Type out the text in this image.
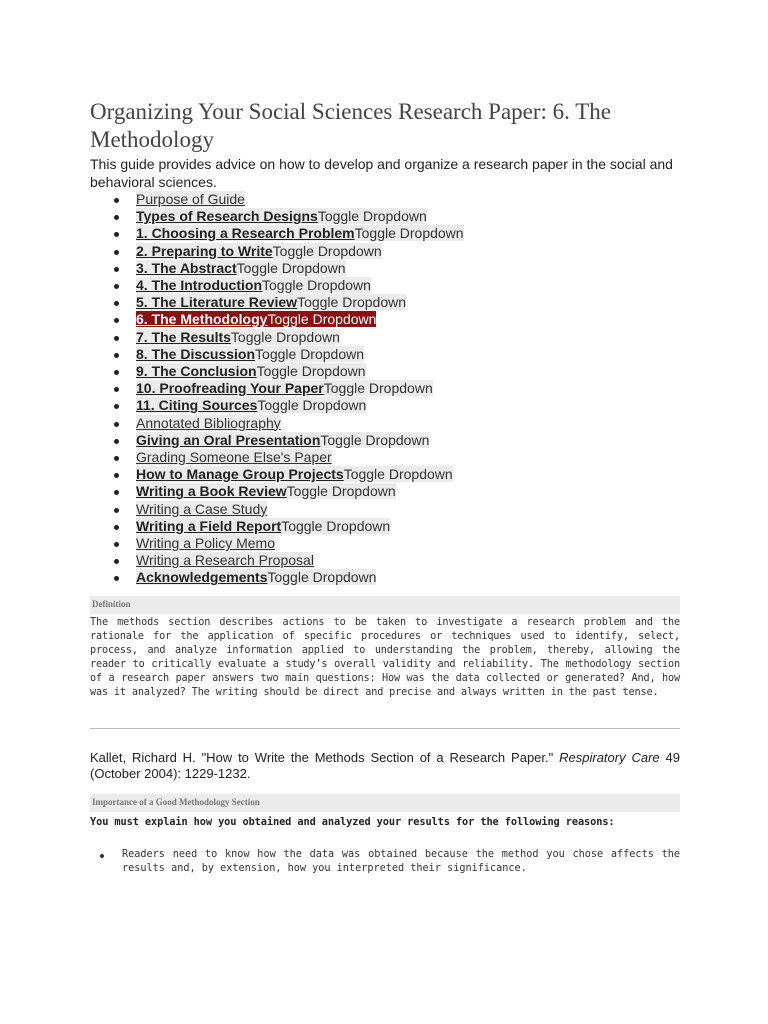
Organizing Your Social Sciences Research Paper: 6. The Methodology

This guide provides advice on how to develop and organize a research paper in the social and behavioral sciences.

Purpose of Guide
Types of Research DesignsToggle Dropdown
1. Choosing a Research ProblemToggle Dropdown
2. Preparing to WriteToggle Dropdown
3. The AbstractToggle Dropdown
4. The IntroductionToggle Dropdown
5. The Literature ReviewToggle Dropdown
6. The MethodologyToggle Dropdown
7. The ResultsToggle Dropdown
8. The DiscussionToggle Dropdown
9. The ConclusionToggle Dropdown
10. Proofreading Your PaperToggle Dropdown
11. Citing SourcesToggle Dropdown
Annotated Bibliography
Giving an Oral PresentationToggle Dropdown
Grading Someone Else's Paper
How to Manage Group ProjectsToggle Dropdown
Writing a Book ReviewToggle Dropdown
Writing a Case Study
Writing a Field ReportToggle Dropdown
Writing a Policy Memo
Writing a Research Proposal
AcknowledgementsToggle Dropdown
Definition

The methods section describes actions to be taken to investigate a research problem and the rationale for the application of specific procedures or techniques used to identify, select, process, and analyze information applied to understanding the problem, thereby, allowing the reader to critically evaluate a study’s overall validity and reliability. The methodology section of a research paper answers two main questions: How was the data collected or generated? And, how was it analyzed? The writing should be direct and precise and always written in the past tense.

Kallet, Richard H. "How to Write the Methods Section of a Research Paper." Respiratory Care 49 (October 2004): 1229-1232.

Importance of a Good Methodology Section

You must explain how you obtained and analyzed your results for the following reasons:

Readers need to know how the data was obtained because the method you chose affects the results and, by extension, how you interpreted their significance.
